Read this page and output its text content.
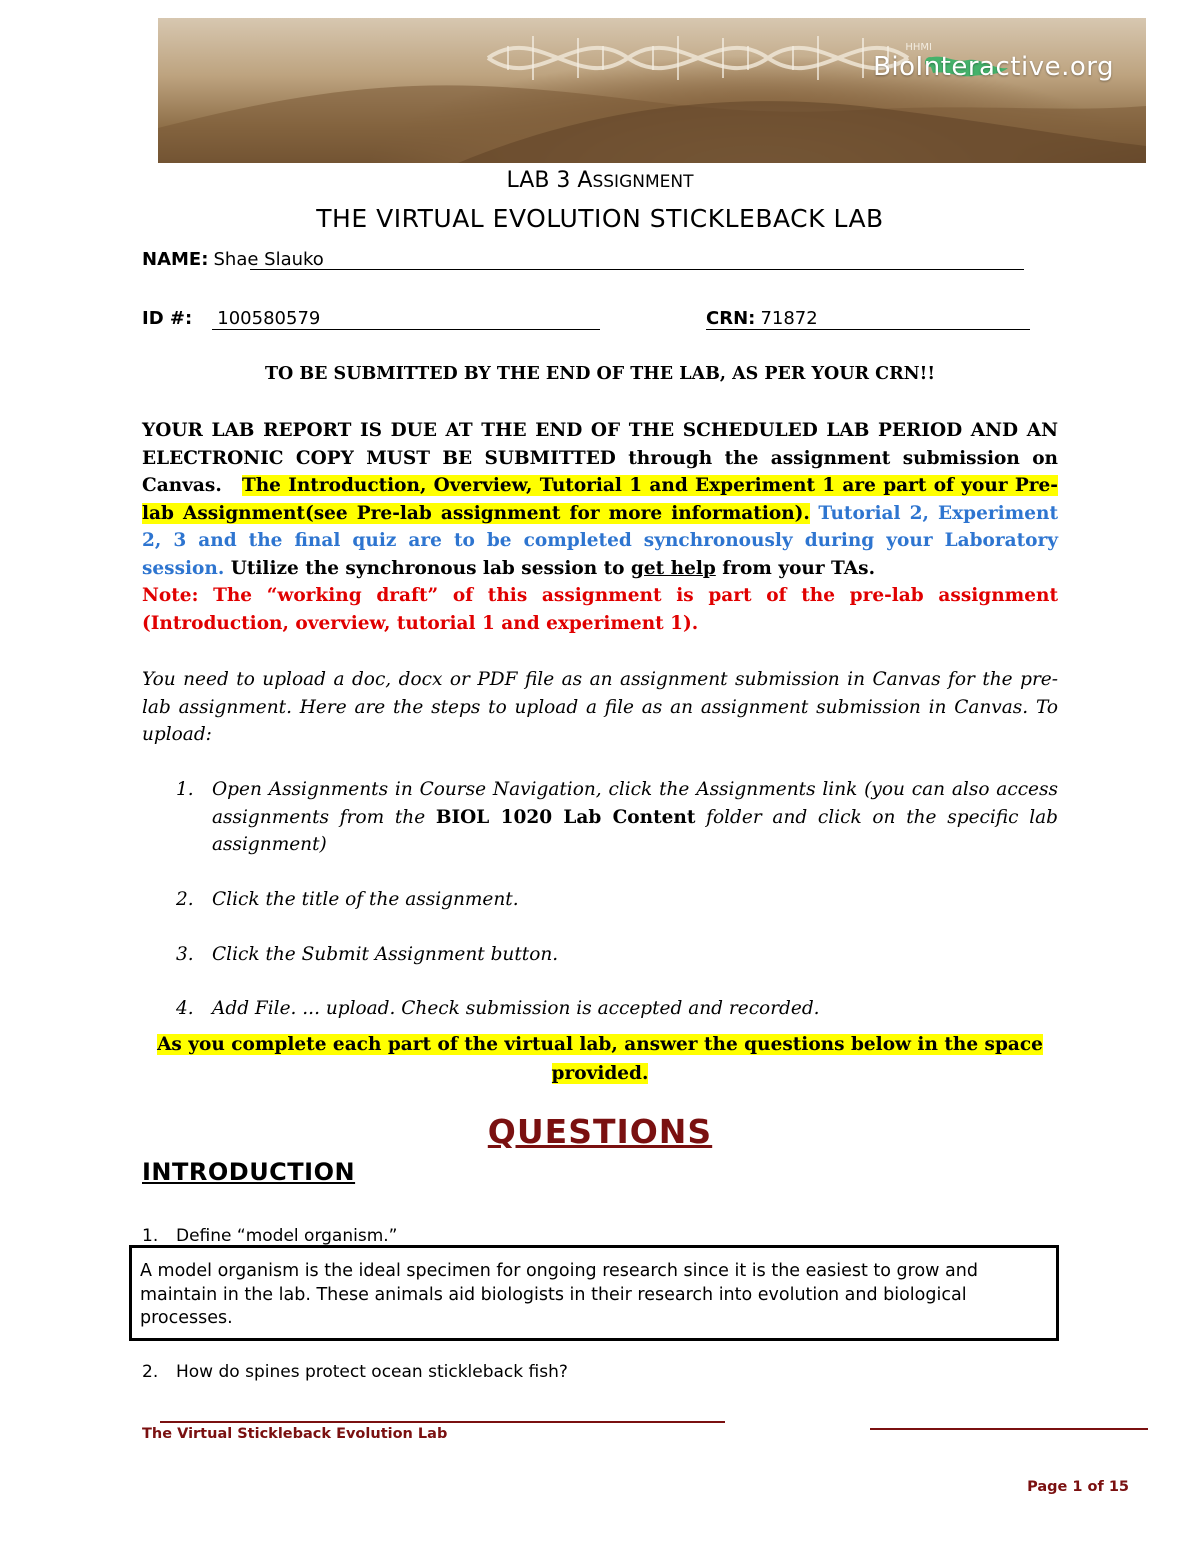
HHMI
BioInteractive.org
LAB 3 ASSIGNMENT
THE VIRTUAL EVOLUTION STICKLEBACK LAB
NAME: Shae Slauko
ID #: 100580579	CRN: 71872
TO BE SUBMITTED BY THE END OF THE LAB, AS PER YOUR CRN!!
YOUR LAB REPORT IS DUE AT THE END OF THE SCHEDULED LAB PERIOD AND AN ELECTRONIC COPY MUST BE SUBMITTED through the assignment submission on Canvas. The Introduction, Overview, Tutorial 1 and Experiment 1 are part of your Pre-lab Assignment(see Pre-lab assignment for more information). Tutorial 2, Experiment 2, 3 and the final quiz are to be completed synchronously during your Laboratory session. Utilize the synchronous lab session to get help from your TAs.
Note: The “working draft” of this assignment is part of the pre-lab assignment (Introduction, overview, tutorial 1 and experiment 1).
You need to upload a doc, docx or PDF file as an assignment submission in Canvas for the pre-lab assignment. Here are the steps to upload a file as an assignment submission in Canvas. To upload:
1. Open Assignments in Course Navigation, click the Assignments link (you can also access assignments from the BIOL 1020 Lab Content folder and click on the specific lab assignment)
2. Click the title of the assignment.
3. Click the Submit Assignment button.
4. Add File. ... upload. Check submission is accepted and recorded.
As you complete each part of the virtual lab, answer the questions below in the space
provided.
QUESTIONS
INTRODUCTION
1. Define “model organism.”
A model organism is the ideal specimen for ongoing research since it is the easiest to grow and maintain in the lab. These animals aid biologists in their research into evolution and biological processes.
2. How do spines protect ocean stickleback fish?
The Virtual Stickleback Evolution Lab
Page 1 of 15
